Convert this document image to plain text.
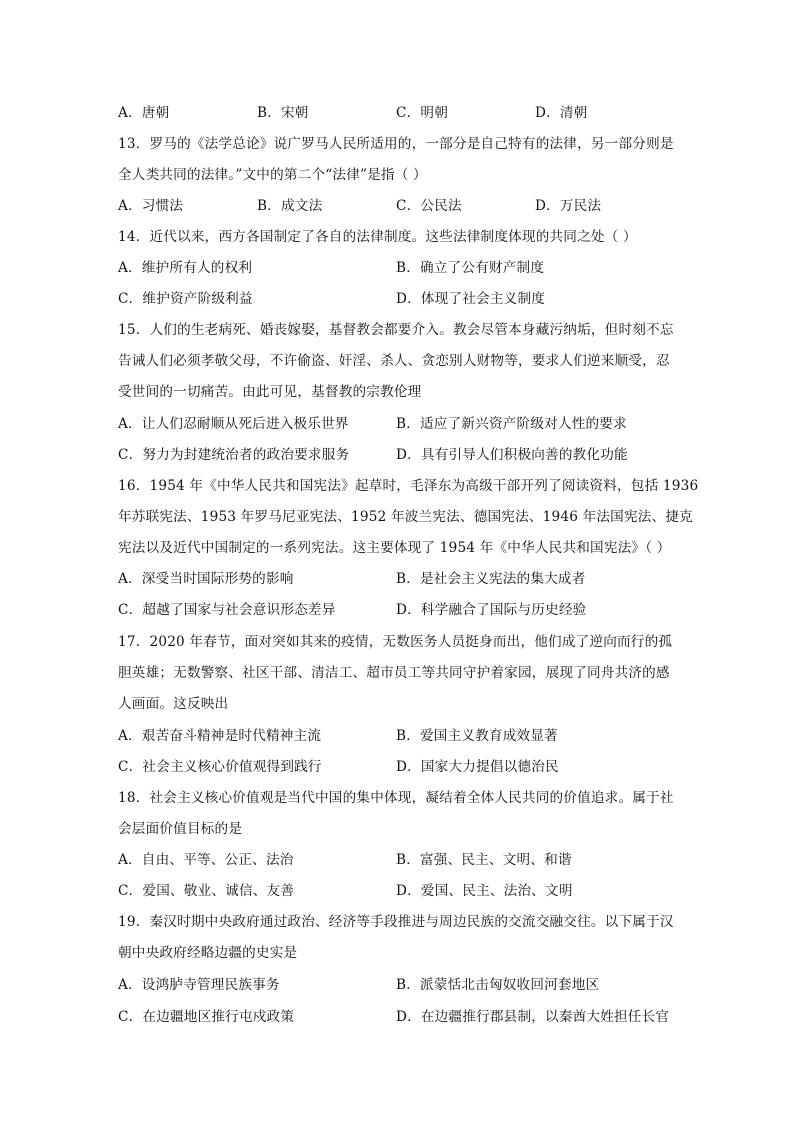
A．唐朝	B．宋朝	C．明朝	D．清朝
13．罗马的《法学总论》说广罗马人民所适用的，一部分是自己特有的法律，另一部分则是
全人类共同的法律。”文中的第二个“法律”是指（ ）
A．习惯法	B．成文法	C．公民法	D．万民法
14．近代以来，西方各国制定了各自的法律制度。这些法律制度体现的共同之处（ ）
A．维护所有人的权利	B．确立了公有财产制度
C．维护资产阶级利益	D．体现了社会主义制度
15．人们的生老病死、婚丧嫁娶，基督教会都要介入。教会尽管本身藏污纳垢，但时刻不忘
告诫人们必须孝敬父母，不许偷盗、奸淫、杀人、贪恋别人财物等，要求人们逆来顺受，忍
受世间的一切痛苦。由此可见，基督教的宗教伦理
A．让人们忍耐顺从死后进入极乐世界	B．适应了新兴资产阶级对人性的要求
C．努力为封建统治者的政治要求服务	D．具有引导人们积极向善的教化功能
16．1954 年《中华人民共和国宪法》起草时，毛泽东为高级干部开列了阅读资料，包括 1936
年苏联宪法、1953 年罗马尼亚宪法、1952 年波兰宪法、德国宪法、1946 年法国宪法、捷克
宪法以及近代中国制定的一系列宪法。这主要体现了 1954 年《中华人民共和国宪法》（ ）
A．深受当时国际形势的影响	B．是社会主义宪法的集大成者
C．超越了国家与社会意识形态差异	D．科学融合了国际与历史经验
17．2020 年春节，面对突如其来的疫情，无数医务人员挺身而出，他们成了逆向而行的孤
胆英雄；无数警察、社区干部、清洁工、超市员工等共同守护着家园，展现了同舟共济的感
人画面。这反映出
A．艰苦奋斗精神是时代精神主流	B．爱国主义教育成效显著
C．社会主义核心价值观得到践行	D．国家大力提倡以德治民
18．社会主义核心价值观是当代中国的集中体现，凝结着全体人民共同的价值追求。属于社
会层面价值目标的是
A．自由、平等、公正、法治	B．富强、民主、文明、和谐
C．爱国、敬业、诚信、友善	D．爱国、民主、法治、文明
19．秦汉时期中央政府通过政治、经济等手段推进与周边民族的交流交融交往。以下属于汉
朝中央政府经略边疆的史实是
A．设鸿胪寺管理民族事务	B．派蒙恬北击匈奴收回河套地区
C．在边疆地区推行屯戍政策	D．在边疆推行郡县制，以秦酋大姓担任长官
